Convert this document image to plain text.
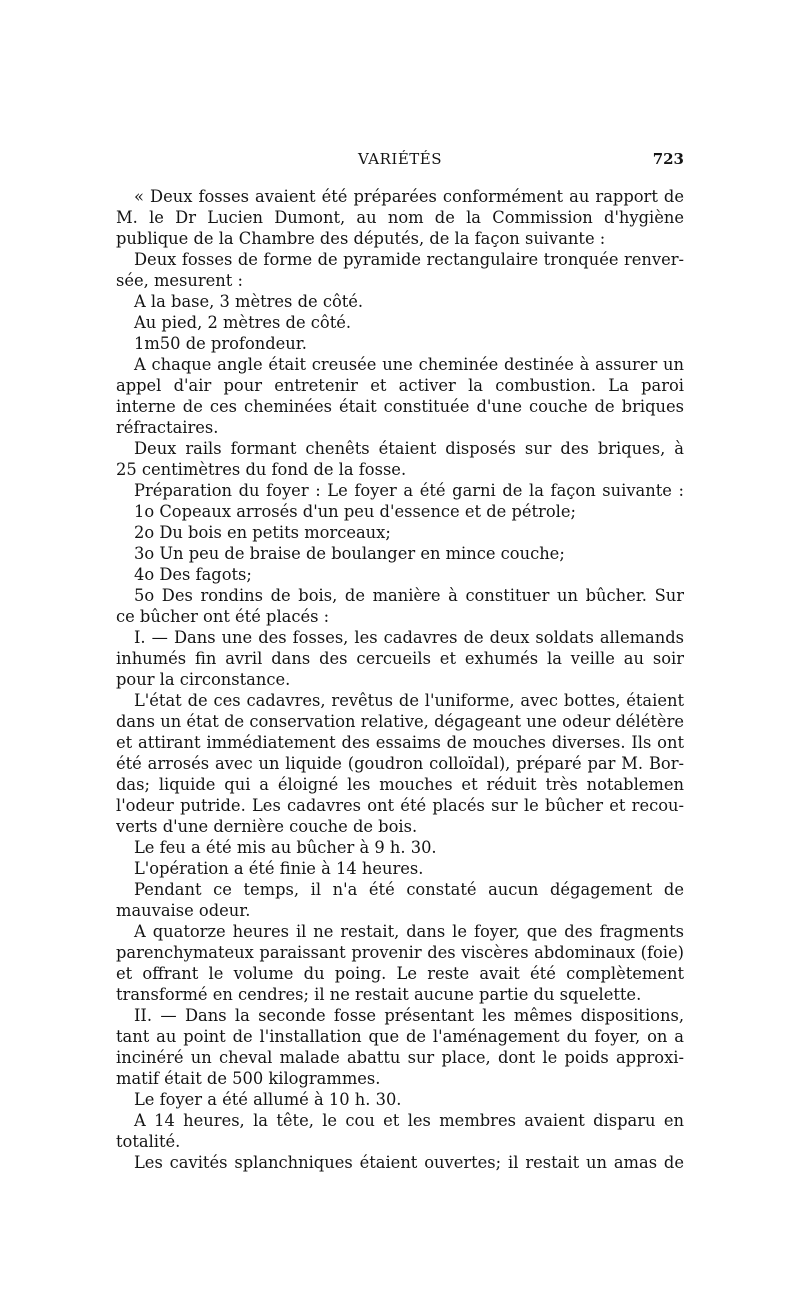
VARIÉTÉS	723
« Deux fosses avaient été préparées conformément au rapport de
M. le Dr Lucien Dumont, au nom de la Commission d'hygiène
publique de la Chambre des députés, de la façon suivante :
Deux fosses de forme de pyramide rectangulaire tronquée renver-
sée, mesurent :
A la base, 3 mètres de côté.
Au pied, 2 mètres de côté.
1m50 de profondeur.
A chaque angle était creusée une cheminée destinée à assurer un
appel d'air pour entretenir et activer la combustion. La paroi
interne de ces cheminées était constituée d'une couche de briques
réfractaires.
Deux rails formant chenêts étaient disposés sur des briques, à
25 centimètres du fond de la fosse.
Préparation du foyer : Le foyer a été garni de la façon suivante :
1o Copeaux arrosés d'un peu d'essence et de pétrole;
2o Du bois en petits morceaux;
3o Un peu de braise de boulanger en mince couche;
4o Des fagots;
5o Des rondins de bois, de manière à constituer un bûcher. Sur
ce bûcher ont été placés :
I. — Dans une des fosses, les cadavres de deux soldats allemands
inhumés fin avril dans des cercueils et exhumés la veille au soir
pour la circonstance.
L'état de ces cadavres, revêtus de l'uniforme, avec bottes, étaient
dans un état de conservation relative, dégageant une odeur délétère
et attirant immédiatement des essaims de mouches diverses. Ils ont
été arrosés avec un liquide (goudron colloïdal), préparé par M. Bor-
das; liquide qui a éloigné les mouches et réduit très notablemen
l'odeur putride. Les cadavres ont été placés sur le bûcher et recou-
verts d'une dernière couche de bois.
Le feu a été mis au bûcher à 9 h. 30.
L'opération a été finie à 14 heures.
Pendant ce temps, il n'a été constaté aucun dégagement de
mauvaise odeur.
A quatorze heures il ne restait, dans le foyer, que des fragments
parenchymateux paraissant provenir des viscères abdominaux (foie)
et offrant le volume du poing. Le reste avait été complètement
transformé en cendres; il ne restait aucune partie du squelette.
II. — Dans la seconde fosse présentant les mêmes dispositions,
tant au point de l'installation que de l'aménagement du foyer, on a
incinéré un cheval malade abattu sur place, dont le poids approxi-
matif était de 500 kilogrammes.
Le foyer a été allumé à 10 h. 30.
A 14 heures, la tête, le cou et les membres avaient disparu en
totalité.
Les cavités splanchniques étaient ouvertes; il restait un amas de
